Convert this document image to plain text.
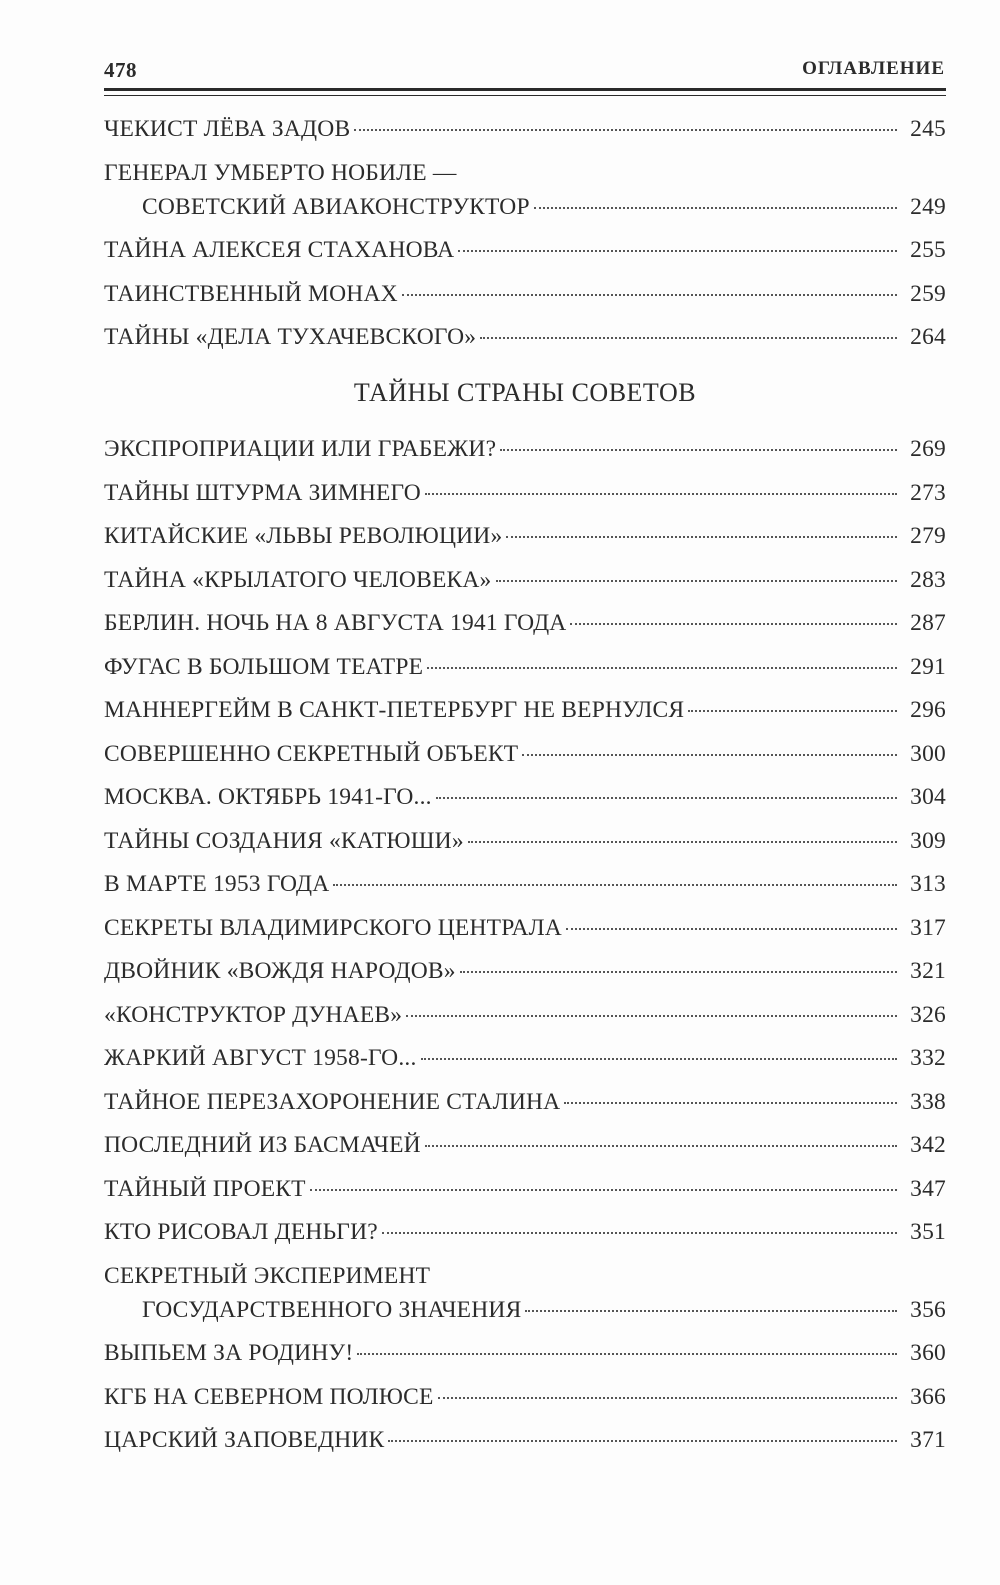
478	ОГЛАВЛЕНИЕ
ЧЕКИСТ ЛЁВА ЗАДОВ	245
ГЕНЕРАЛ УМБЕРТО НОБИЛЕ —
СОВЕТСКИЙ АВИАКОНСТРУКТОР	249
ТАЙНА АЛЕКСЕЯ СТАХАНОВА	255
ТАИНСТВЕННЫЙ МОНАХ	259
ТАЙНЫ «ДЕЛА ТУХАЧЕВСКОГО»	264
ТАЙНЫ СТРАНЫ СОВЕТОВ
ЭКСПРОПРИАЦИИ ИЛИ ГРАБЕЖИ?	269
ТАЙНЫ ШТУРМА ЗИМНЕГО	273
КИТАЙСКИЕ «ЛЬВЫ РЕВОЛЮЦИИ»	279
ТАЙНА «КРЫЛАТОГО ЧЕЛОВЕКА»	283
БЕРЛИН. НОЧЬ НА 8 АВГУСТА 1941 ГОДА	287
ФУГАС В БОЛЬШОМ ТЕАТРЕ	291
МАННЕРГЕЙМ В САНКТ-ПЕТЕРБУРГ НЕ ВЕРНУЛСЯ	296
СОВЕРШЕННО СЕКРЕТНЫЙ ОБЪЕКТ	300
МОСКВА. ОКТЯБРЬ 1941-ГО...	304
ТАЙНЫ СОЗДАНИЯ «КАТЮШИ»	309
В МАРТЕ 1953 ГОДА	313
СЕКРЕТЫ ВЛАДИМИРСКОГО ЦЕНТРАЛА	317
ДВОЙНИК «ВОЖДЯ НАРОДОВ»	321
«КОНСТРУКТОР ДУНАЕВ»	326
ЖАРКИЙ АВГУСТ 1958-ГО...	332
ТАЙНОЕ ПЕРЕЗАХОРОНЕНИЕ СТАЛИНА	338
ПОСЛЕДНИЙ ИЗ БАСМАЧЕЙ	342
ТАЙНЫЙ ПРОЕКТ	347
КТО РИСОВАЛ ДЕНЬГИ?	351
СЕКРЕТНЫЙ ЭКСПЕРИМЕНТ
ГОСУДАРСТВЕННОГО ЗНАЧЕНИЯ	356
ВЫПЬЕМ ЗА РОДИНУ!	360
КГБ НА СЕВЕРНОМ ПОЛЮСЕ	366
ЦАРСКИЙ ЗАПОВЕДНИК	371
